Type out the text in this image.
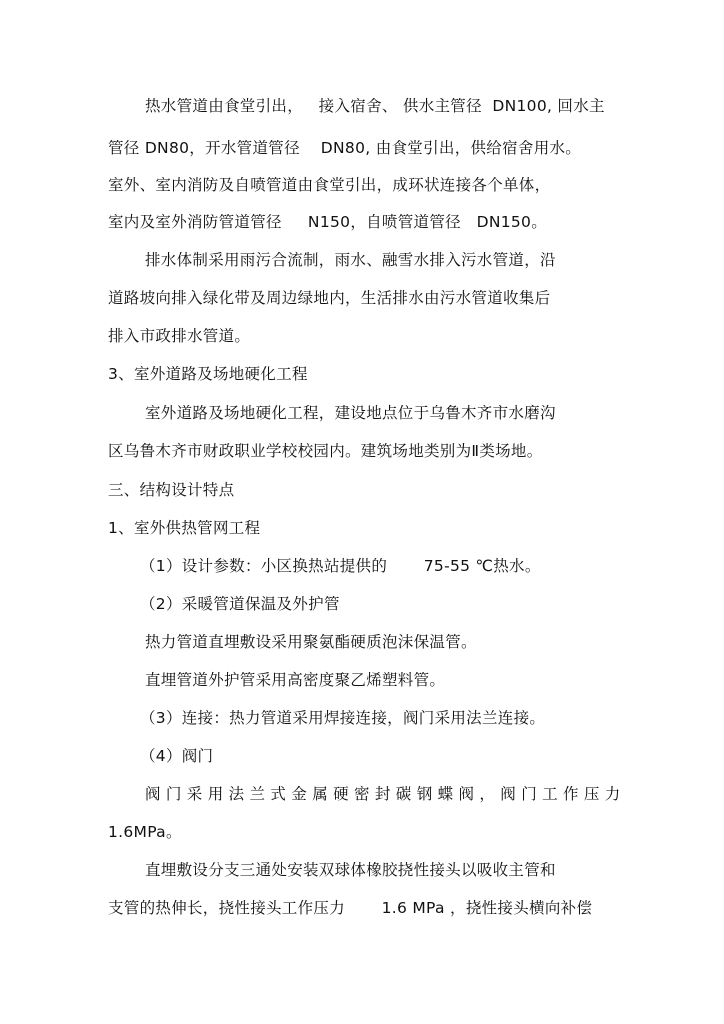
热水管道由食堂引出，   接入宿舍、 供水主管径  DN100, 回水主
管径 DN80，开水管道管径    DN80, 由食堂引出，供给宿舍用水。
室外、室内消防及自喷管道由食堂引出，成环状连接各个单体，
室内及室外消防管道管径     N150，自喷管道管径   DN150。
排水体制采用雨污合流制，雨水、融雪水排入污水管道，沿
道路坡向排入绿化带及周边绿地内，生活排水由污水管道收集后
排入市政排水管道。
3、室外道路及场地硬化工程
室外道路及场地硬化工程，建设地点位于乌鲁木齐市水磨沟
区乌鲁木齐市财政职业学校校园内。建筑场地类别为Ⅱ类场地。
三、结构设计特点
1、室外供热管网工程
（1）设计参数：小区换热站提供的       75-55 ℃热水。
（2）采暖管道保温及外护管
热力管道直埋敷设采用聚氨酯硬质泡沫保温管。
直埋管道外护管采用高密度聚乙烯塑料管。
（3）连接：热力管道采用焊接连接，阀门采用法兰连接。
（4）阀门
阀门采用法兰式金属硬密封碳钢蝶阀，阀门工作压力
1.6MPa。
直埋敷设分支三通处安装双球体橡胶挠性接头以吸收主管和
支管的热伸长，挠性接头工作压力       1.6 MPa ，挠性接头横向补偿
